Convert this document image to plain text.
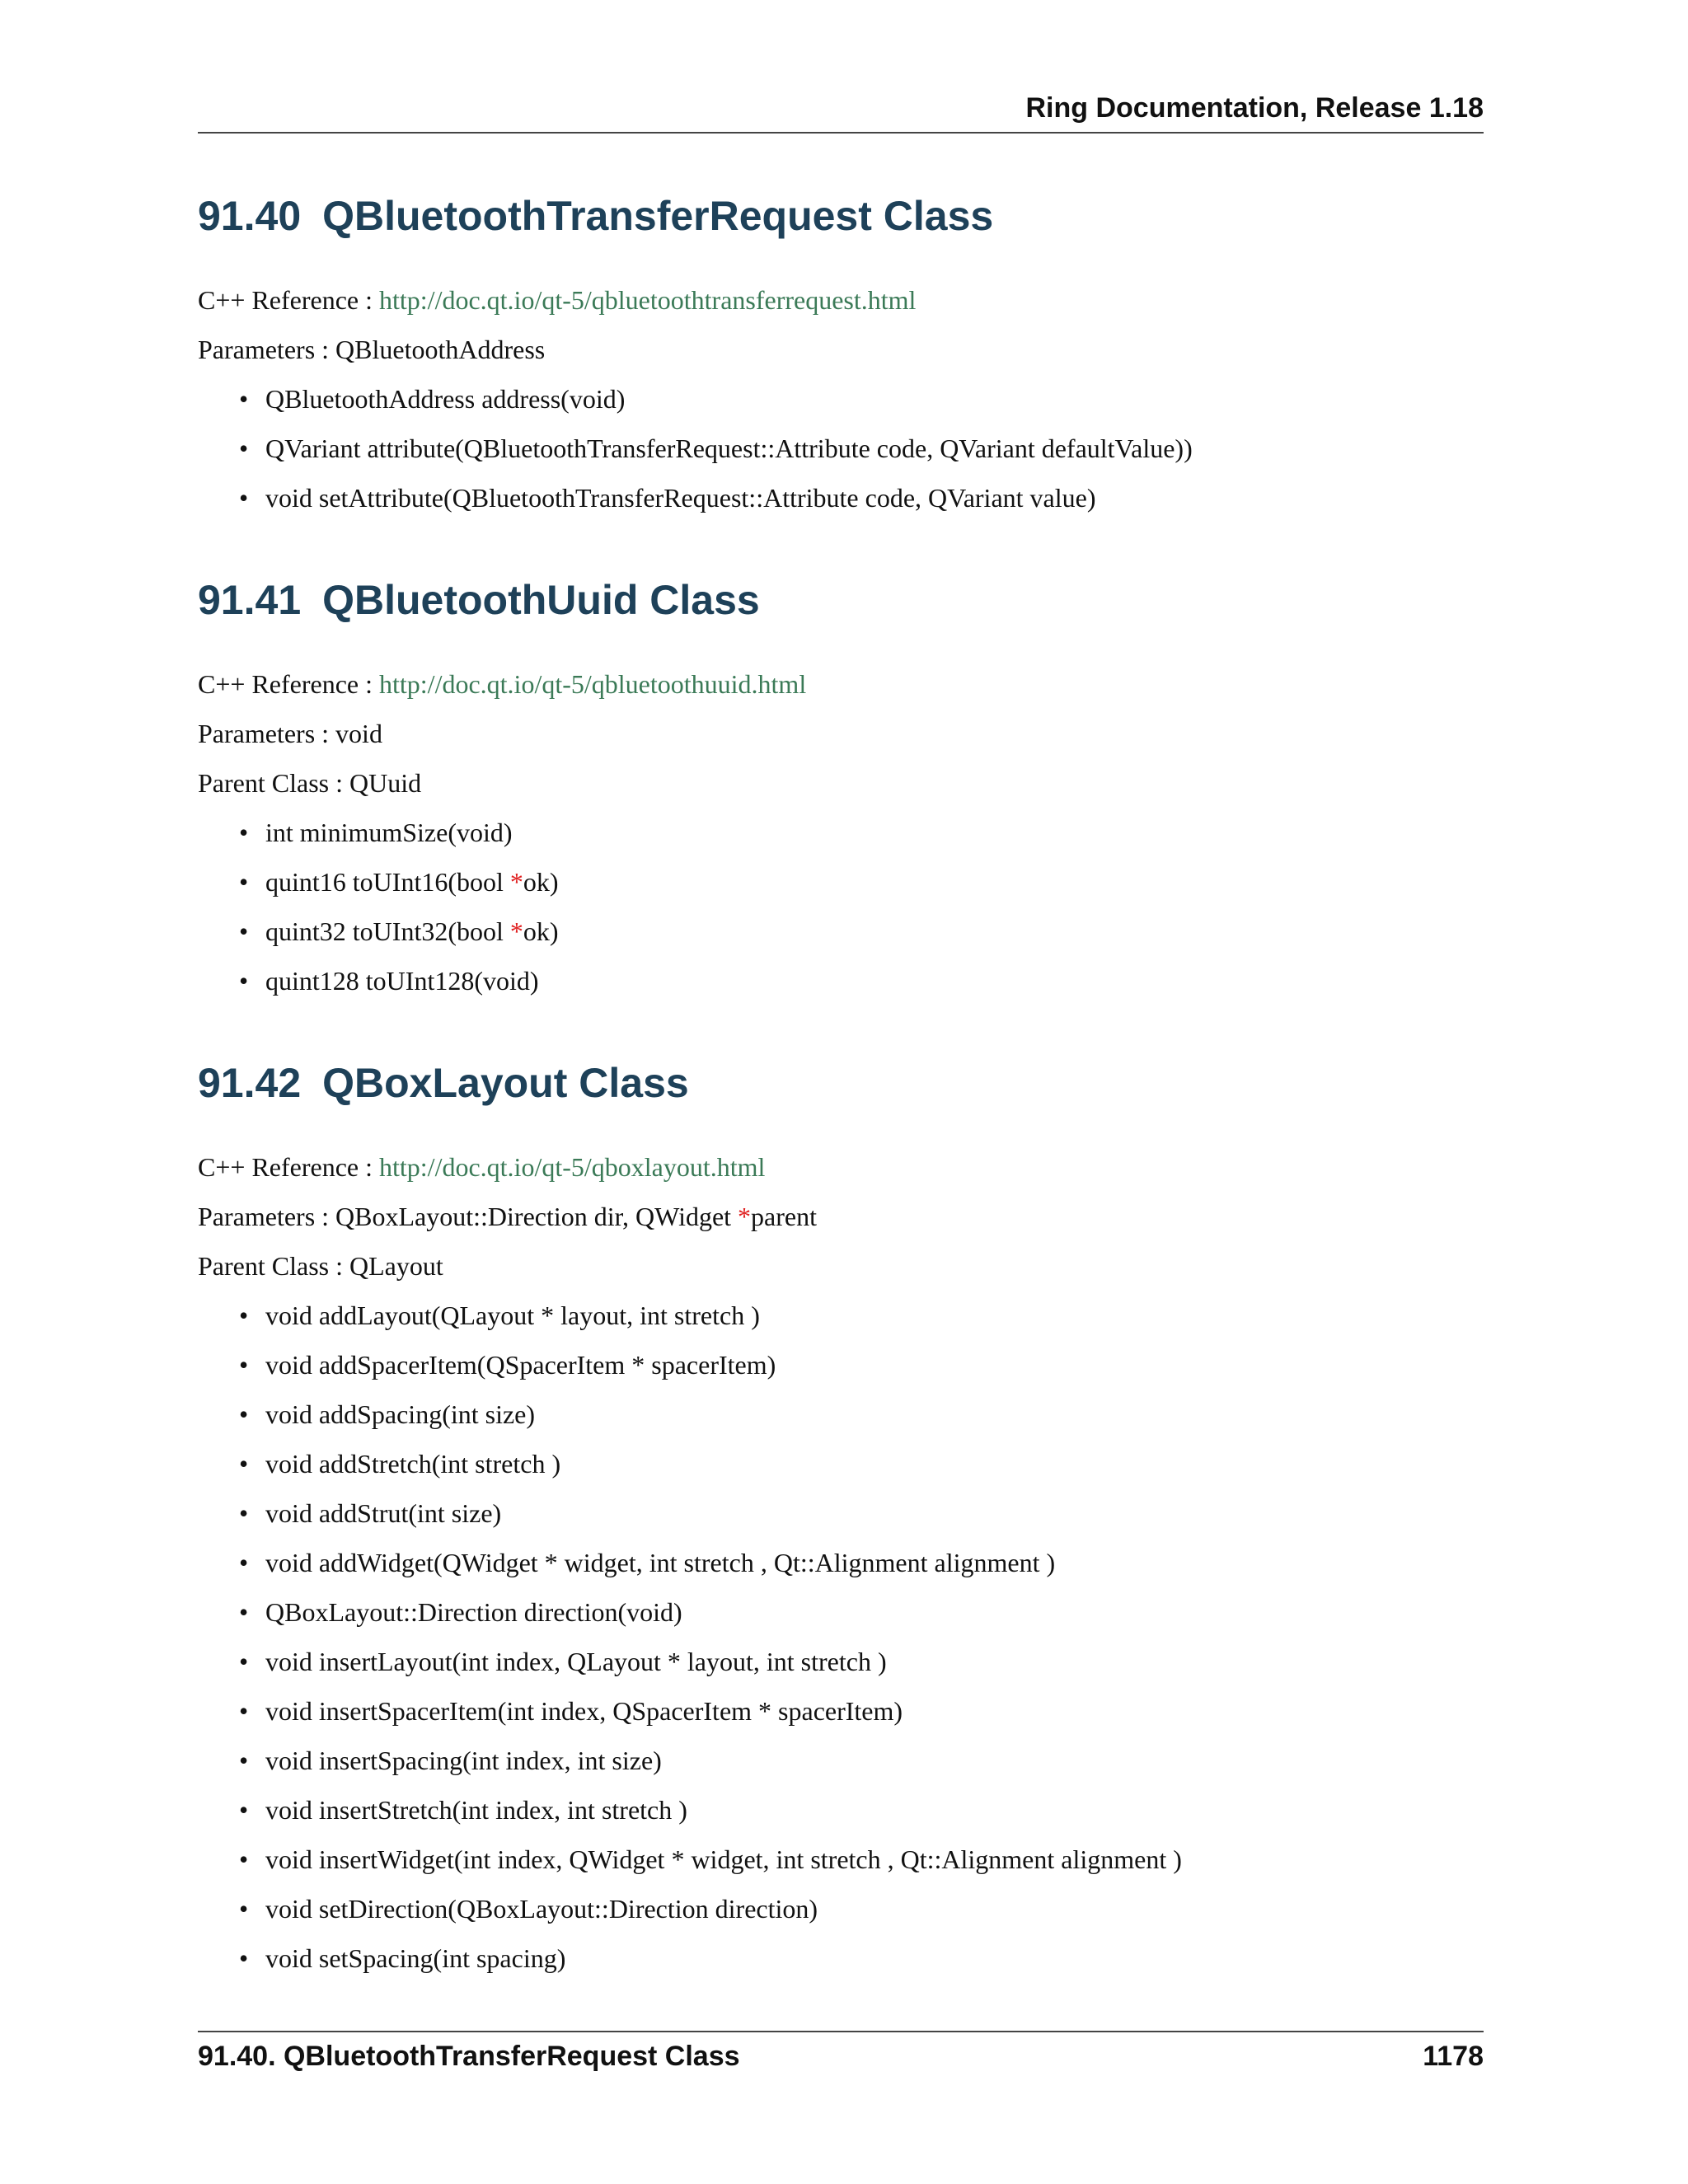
Ring Documentation, Release 1.18
91.40 QBluetoothTransferRequest Class
C++ Reference : http://doc.qt.io/qt-5/qbluetoothtransferrequest.html
Parameters : QBluetoothAddress
• QBluetoothAddress address(void)
• QVariant attribute(QBluetoothTransferRequest::Attribute code, QVariant defaultValue))
• void setAttribute(QBluetoothTransferRequest::Attribute code, QVariant value)
91.41 QBluetoothUuid Class
C++ Reference : http://doc.qt.io/qt-5/qbluetoothuuid.html
Parameters : void
Parent Class : QUuid
• int minimumSize(void)
• quint16 toUInt16(bool *ok)
• quint32 toUInt32(bool *ok)
• quint128 toUInt128(void)
91.42 QBoxLayout Class
C++ Reference : http://doc.qt.io/qt-5/qboxlayout.html
Parameters : QBoxLayout::Direction dir, QWidget *parent
Parent Class : QLayout
• void addLayout(QLayout * layout, int stretch )
• void addSpacerItem(QSpacerItem * spacerItem)
• void addSpacing(int size)
• void addStretch(int stretch )
• void addStrut(int size)
• void addWidget(QWidget * widget, int stretch , Qt::Alignment alignment )
• QBoxLayout::Direction direction(void)
• void insertLayout(int index, QLayout * layout, int stretch )
• void insertSpacerItem(int index, QSpacerItem * spacerItem)
• void insertSpacing(int index, int size)
• void insertStretch(int index, int stretch )
• void insertWidget(int index, QWidget * widget, int stretch , Qt::Alignment alignment )
• void setDirection(QBoxLayout::Direction direction)
• void setSpacing(int spacing)
91.40. QBluetoothTransferRequest Class	1178
